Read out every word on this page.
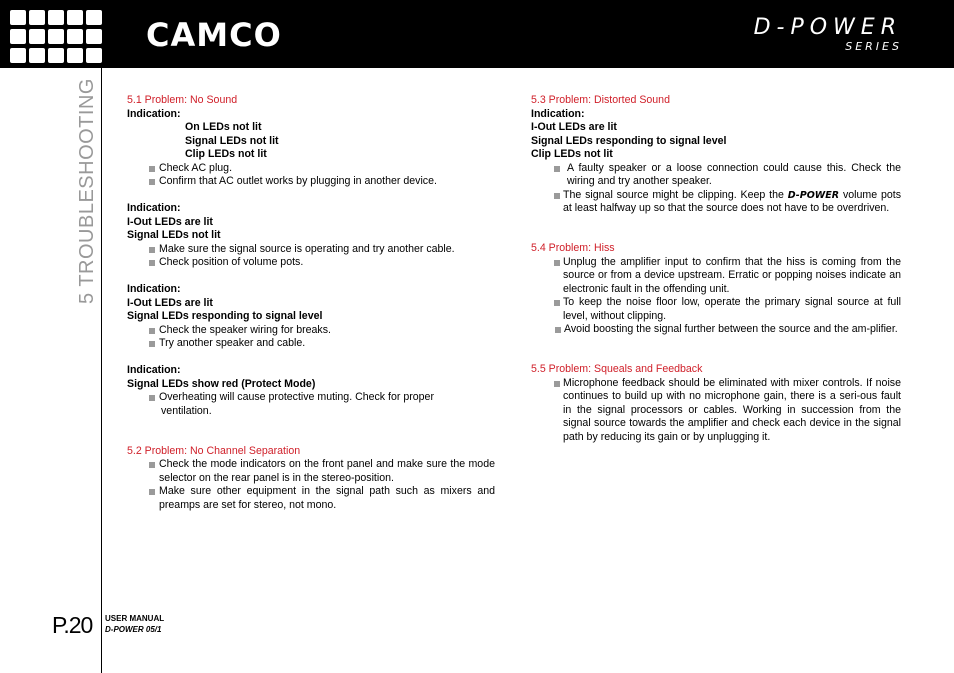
CAMCO	D-POWER
SERIES
5 TROUBLESHOOTING
P.20 USER MANUAL
D-POWER 05/1
5.1 Problem: No Sound
Indication:
On LEDs not lit
Signal LEDs not lit
Clip LEDs not lit
Check AC plug.
Confirm that AC outlet works by plugging in another device.
Indication:
I-Out LEDs are lit
Signal LEDs not lit
Make sure the signal source is operating and try another cable.
Check position of volume pots.
Indication:
I-Out LEDs are lit
Signal LEDs responding to signal level
Check the speaker wiring for breaks.
Try another speaker and cable.
Indication:
Signal LEDs show red (Protect Mode)
Overheating will cause protective muting. Check for proper
ventilation.
5.2 Problem: No Channel Separation
Check the mode indicators on the front panel and make sure the mode selector on the rear panel is in the stereo-position.
Make sure other equipment in the signal path such as mixers and preamps are set for stereo, not mono.
5.3 Problem: Distorted Sound
Indication:
I-Out LEDs are lit
Signal LEDs responding to signal level
Clip LEDs not lit
A faulty speaker or a loose connection could cause this. Check the wiring and try another speaker.
The signal source might be clipping. Keep the D-POWER volume pots at least halfway up so that the source does not have to be overdriven.
5.4 Problem: Hiss
Unplug the amplifier input to confirm that the hiss is coming from the source or from a device upstream. Erratic or popping noises indicate an electronic fault in the offending unit.
To keep the noise floor low, operate the primary signal source at full level, without clipping.
Avoid boosting the signal further between the source and the am-plifier.
5.5 Problem: Squeals and Feedback
Microphone feedback should be eliminated with mixer controls. If noise continues to build up with no microphone gain, there is a seri-ous fault in the signal processors or cables. Working in succession from the signal source towards the amplifier and check each device in the signal path by reducing its gain or by unplugging it.
